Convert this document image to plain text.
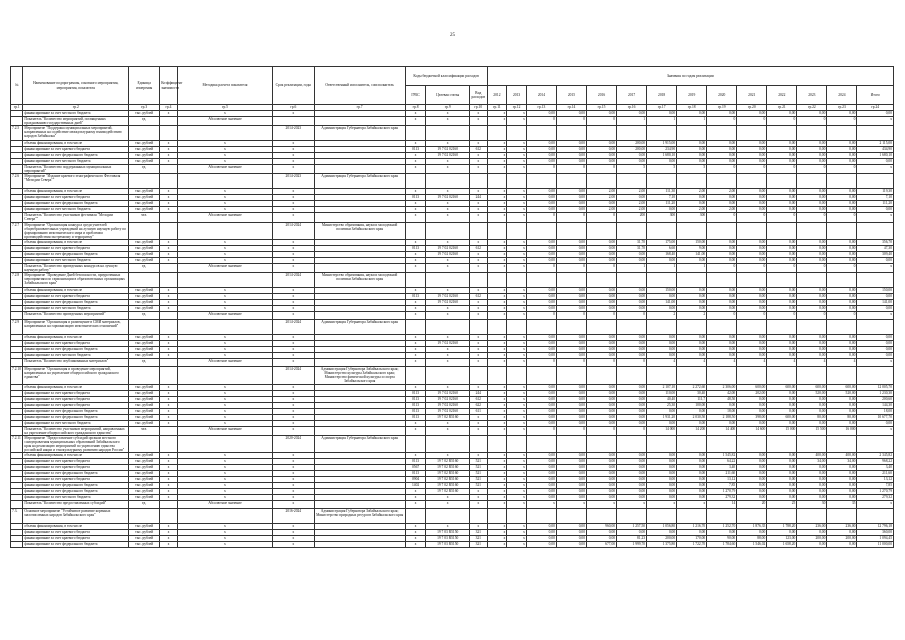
25
№	Наименование подпрограммы, основного мероприятия, мероприятия, показателя	Единица измерения	Коэффициент значимости	Методика расчета показателя	Срок реализации, годы	Ответственный исполнитель, соисполнитель	Коды бюджетной классификации расходов			Значения по годам реализации													
							ГРБС	Целевая статья	Вид расходов	2012	2013	2014	2015	2016	2017	2018	2019	2020	2021	2022	2023	2024	Итого
гр.1	гр.2	гр.3	гр.4	гр.5	гр.6	гр.7	гр.8	гр.9	гр.10	гр.11	гр.12	гр.13	гр.14	гр.15	гр.16	гр.17	гр.18	гр.19	гр.20	гр.21	гр.22	гр.23	гр.24
	финансирование за счет местного бюджета	тыс. рублей	x	x	x		x	x	x	x	x	0,00	0,00	0,00	0,00	0,00	0,00	0,00	0,00	0,00	0,00	0,00	0,00
	Показатель "Количество мероприятий, посвященных празднованию государственных дней"	ед.		Абсолютное значение			x	x	x	x	x	0	0	0	1	1	1	0	0	0	0	0	x
7.2.5	Мероприятие "Поддержка муниципальных мероприятий, направленных на содействие межкультурному взаимодействию народов Забайкалья"				2014-2023	Администрация Губернатора Забайкальского края																	
	объемы финансирования, в том числе	тыс. рублей	x	x	x		x	x	x	x	x	0,00	0,00	0,00	200,00	1 915,00	0,00	0,00	0,00	0,00	0,00	0,00	2 115,00
	финансирование за счет краевого бюджета	тыс. рублей	x	x	x		0113	19 7 02 02160	612	x	x	0,00	0,00	0,00	200,00	234,90	0,00	0,00	0,00	0,00	0,00	0,00	434,90
	финансирование за счет федерального бюджета	тыс. рублей	x	x	x		x	19 7 02 02160	x	x	x	0,00	0,00	0,00	0,00	1 680,10	0,00	0,00	0,00	0,00	0,00	0,00	1 680,10
	финансирование за счет местного бюджета	тыс. рублей	x	x	x		x	x	x	x	x	0,00	0,00	0,00	0,00	0,00	0,00	0,00	0,00	0,00	0,00	0,00	0,00
	Показатель "Количество поддержанных муниципальных мероприятий"	ед.		Абсолютное значение	x		x	x	x	x	x	0	0	0	5	5	5	0	0	0	0	0	x
7.2.6	Мероприятие "Издание краевого этнографического Фестиваля "Мелодии Севера""				2014-2023	Администрация Губернатора Забайкальского края																	
	объемы финансирования, в том числе	тыс. рублей	x	x	x		x	x	x	x	x	0,00	0,00	2,00	2,00	111,30	2,00	2,00	0,00	0,00	0,00	0,00	119,30
	финансирование за счет краевого бюджета	тыс. рублей	x	x	x		0113	19 7 02 02160	244	x	x	0,00	0,00	2,00	0,00	7,10	0,00	0,00	0,00	0,00	0,00	0,00	7,10
	финансирование за счет федерального бюджета	тыс. рублей	x	x	x		x	x	x	x	x	0,00	0,00	0,00	2,00	111,20	0,00	0,00	0,00	0,00	0,00	0,00	111,20
	финансирование за счет местного бюджета	тыс. рублей	x	x	x		x	x	x	x	x	0,00	0,00	2,00	2,00	0,00	2,00	2,00	0,00	0,00	0,00	0,00	0,00
	Показатель "Количество участников фестиваля "Мелодии Севера""	чел.		Абсолютное значение	x		x	x	x	x	x	0	0	0	200	300	300	0	0	0	0	0	x
7.2.7	Мероприятие "Организация конкурса среди учителей общеобразовательных учреждений на лучшую научную работу по формированию межэтнического мира и проблемам противодействия экстремизму и терроризму"				2014-2024	Министерство образования, науки и молодежной политики Забайкальского края																	
	объемы финансирования, в том числе	тыс. рублей	x	x	x		x	x	x	x	x	0,00	0,00	0,00	31,70	175,00	150,00	0,00	0,00	0,00	0,00	0,00	356,70
	финансирование за счет краевого бюджета	тыс. рублей	x	x	x		0113	19 7 02 02160	612	x	x	0,00	0,00	0,00	31,70	6,60	9,00	0,00	0,00	0,00	0,00	0,00	47,30
	финансирование за счет федерального бюджета	тыс. рублей	x	x	x		x	19 7 02 02160	x	x	x	0,00	0,00	0,00	0,00	168,40	141,00	0,00	0,00	0,00	0,00	0,00	309,40
	финансирование за счет местного бюджета	тыс. рублей	x	x	x		x	x	x	x	x	0,00	0,00	0,00	0,00	0,00	0,00	0,00	0,00	0,00	0,00	0,00	0,00
	Показатель "Количество проведенных конкурсов на лучшую научную работу"	ед.		Абсолютное значение	x		x	x	x	x	x	0	0	0	1	1	1	0	0	0	0	0	x
7.2.8	Мероприятие "Проведение Дней безопасности, приуроченных мероприятиям по гармонизации в образовательных организациях Забайкальского края"				2014-2024	Министерство образования, науки и молодежной политики Забайкальского края																	
	объемы финансирования, в том числе	тыс. рублей	x	x	x		x	x	x	x	x	0,00	0,00	0,00	0,00	150,00	0,00	0,00	0,00	0,00	0,00	0,00	150,00
	финансирование за счет краевого бюджета	тыс. рублей	x	x	x		0113	19 7 02 02160	612	x	x	0,00	0,00	0,00	0,00	0,00	0,00	0,00	0,00	0,00	0,00	0,00	0,00
	финансирование за счет федерального бюджета	тыс. рублей	x	x	x		x	19 7 02 02160	x	x	x	0,00	0,00	0,00	0,00	141,00	0,00	0,00	0,00	0,00	0,00	0,00	141,00
	финансирование за счет местного бюджета	тыс. рублей	x	x	x		x	x	x	x	x	0,00	0,00	0,00	0,00	0,00	0,00	0,00	0,00	0,00	0,00	0,00	0,00
	Показатель "Количество проведенных мероприятий"	ед.		Абсолютное значение	x		x	x	x	x	x	0	0	0	0	2	2	0	0	0	0	0	x
7.2.9	Мероприятие "Организация и размещение в СМИ материалов, направленных на гармонизацию межэтнических отношений"				2014-2024	Администрация Губернатора Забайкальского края																	
	объемы финансирования, в том числе	тыс. рублей	x	x	x		x	x	x	x	x	0,00	0,00	0,00	0,00	0,00	0,00	0,00	0,00	0,00	0,00	0,00	0,00
	финансирование за счет краевого бюджета	тыс. рублей	x	x	x		x	19 7 02 02160	x	x	x	0,00	0,00	0,00	0,00	0,00	0,00	0,00	0,00	0,00	0,00	0,00	0,00
	финансирование за счет федерального бюджета	тыс. рублей	x	x	x		x	x	x	x	x	0,00	0,00	0,00	0,00	0,00	0,00	0,00	0,00	0,00	0,00	0,00	0,00
	финансирование за счет местного бюджета	тыс. рублей	x	x	x		x	x	x	x	x	0,00	0,00	0,00	0,00	0,00	0,00	0,00	0,00	0,00	0,00	0,00	0,00
	Показатель "Количество опубликованных материалов"	ед.		Абсолютное значение	x		x	x	x	x	x	0	0	0	0	4	4	4	4	4	4	4	x
7.2.10	Мероприятие "Организация и проведение мероприятий, направленных на укрепление общероссийского гражданского единства"				2014-2024	Администрация Губернатора Забайкальского края; Министерство культуры Забайкальского края; Министерство физической культуры и спорта Забайкальского края																	
	объемы финансирования, в том числе	тыс. рублей	x	x	x		x	x	x	x	x	0,00	0,00	0,00	0,00	2 107,10	2 272,60	2 306,00	600,00	600,00	600,00	600,00	12 005,70
	финансирование за счет краевого бюджета	тыс. рублей	x	x	x		0113	19 7 02 02160	244	x	x	0,00	0,00	0,00	0,00	110,00	30,40	42,00	202,00	0,00	520,00	520,00	1 230,30
	финансирование за счет краевого бюджета	тыс. рублей	x	x	x		0113	19 7 02 02160	612	x	x	0,00	0,00	0,00	0,00	40,40	111,7	48,50	0,00	0,00	0,00	0,00	200,60
	финансирование за счет краевого бюджета	тыс. рублей	x	x	x		0113	19 7 02 02160	622	x	x	0,00	0,00	0,00	0,00	25,30	100,00	0,00	0,00	0,00	0,00	0,00	144,30
	финансирование за счет федерального бюджета	тыс. рублей	x	x	x		0113	19 7 02 02160	611	x	x	0,00	0,00	0,00	0,00	0,00	0,00	18,00	0,00	0,00	0,00	0,00	18,00
	финансирование за счет федерального бюджета	тыс. рублей	x	x	x		0113	19 7 02 R5160	x	x	x	0,00	0,00	0,00	0,00	1 931,20	2 030,50	2 188,50	398,00	600,00	80,00	80,00	10 677,70
	финансирование за счет местного бюджета	тыс. рублей	x	x	x		x	x	x	x	x	0,00	0,00	0,00	0,00	0,00	0,00	0,00	0,00	0,00	0,00	0,00	0,00
	Показатель "Количество участников мероприятий, направленных на укрепление общероссийского гражданского единства"	чел.		Абсолютное значение	x		x	x	x	x	x	0	0	0	0	14 000	14 200	14 400	14 600	15 000	15 500	16 000	x
7.2.11	Мероприятие "Предоставление субсидий органам местного самоуправления муниципальных образований Забайкальского края на реализацию мероприятий по укреплению единства российской нации и этнокультурному развитию народов России"				2020-2024	Администрация Губернатора Забайкальского края																	
	объемы финансирования, в том числе	тыс. рублей	x	x	x		x	x	x	x	x	0,00	0,00	0,00	0,00	0,00	0,00	1 545,82	0,00	0,00	400,00	400,00	2 345,82
	финансирование за счет краевого бюджета	тыс. рублей	x	x	x		0113	19 7 02 R5160	521	x	x	0,00	0,00	0,00	0,00	0,00	0,00	64,22	0,00	0,00	34,00	34,00	968,22
	финансирование за счет краевого бюджета	тыс. рублей	x	x	x		0567	19 7 02 R5160	521	x	x	0,00	0,00	0,00	0,00	0,00	0,00	3,40	0,00	0,00	0,00	0,00	3,40
	финансирование за счет федерального бюджета	тыс. рублей	x	x	x		0113	19 7 02 R5160	521	x	x	0,00	0,00	0,00	0,00	0,00	0,00	211,60	0,00	0,00	0,00	0,00	211,60
	финансирование за счет краевого бюджета	тыс. рублей	x	x	x		0904	19 7 02 R5160	521	x	x	0,00	0,00	0,00	0,00	0,00	0,00	13,12	0,00	0,00	0,00	0,00	13,12
	финансирование за счет федерального бюджета	тыс. рублей	x	x	x		1402	19 7 02 R5160	521	x	x	0,00	0,00	0,00	0,00	0,00	0,00	7,85	0,00	0,00	0,00	0,00	7,85
	финансирование за счет федерального бюджета	тыс. рублей	x	x	x		x	19 7 02 R5160	x	x	x	0,00	0,00	0,00	0,00	0,00	0,00	1 270,79	0,00	0,00	0,00	0,00	1 270,79
	финансирование за счет местного бюджета	тыс. рублей	x	x	x		x	x	x	x	x	0,00	0,00	0,00	0,00	0,00	0,00	279,32	0,00	0,00	0,00	0,00	279,32
	Показатель "Количество предоставленных субсидий"	ед.		Абсолютное значение	x		x	x	x	x	x	x	x	x	x	x	x	14	20	25	30	35	x
7.3.	Основное мероприятие "Устойчивое развитие коренных малочисленных народов Забайкальского края"				2016-2024	Администрация Губернатора Забайкальского края; Министерство природных ресурсов Забайкальского края																	
	объемы финансирования, в том числе	тыс. рублей	x	x	x		x	x	x	x	x	0,00	0,00	960,00	1 257,50	1 056,80	1 216,70	1 252,70	1 876,35	1 788,20	236,00	236,00	12 796,18
	финансирование за счет краевого бюджета	тыс. рублей	x	x	x		x	19 7 03 R5150	321	x	x	0,00	0,00	0,00	0,00	0,00	0,00	0,00	0,00	0,00	0,00	0,00	360,00
	финансирование за счет краевого бюджета	тыс. рублей	x	x	x		x	19 7 03 R5150	321	x	x	0,00	0,00	0,00	81,23	200,00	170,00	90,00	88,00	123,00	200,00	200,00	1 094,45
	финансирование за счет федерального бюджета	тыс. рублей	x	x	x		x	19 7 03 R5150	321	x	x	0,00	0,00	677,00	1 999,70	1 375,80	1 722,70	1 784,60	1 546,02	1 658,20	0,00	0,00	11 000,00
